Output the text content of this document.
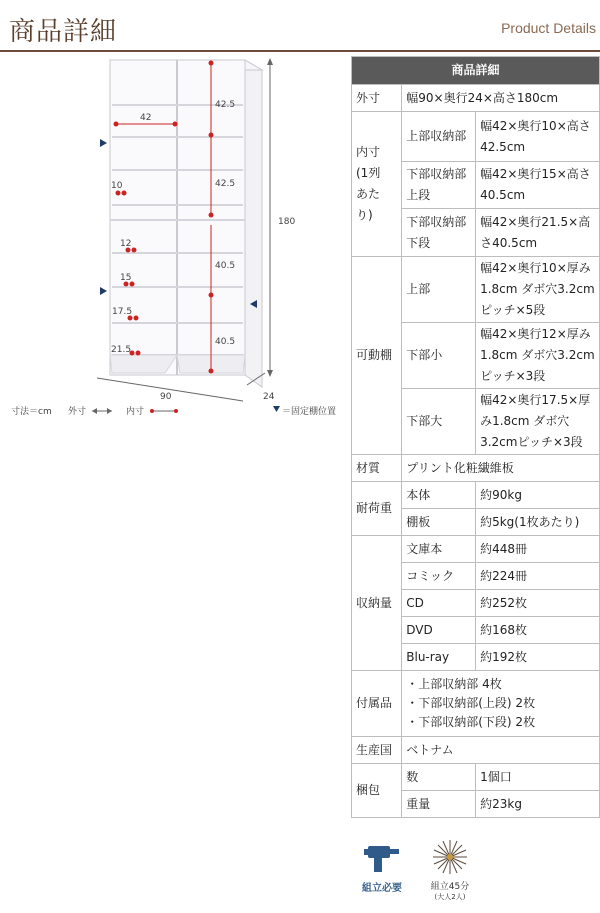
商品詳細	Product Details
42
42.5
42.5
40.5
40.5
10
12
15
17.5
21.5
180
90	24
寸法＝cm 外寸	内寸	＝固定棚位置
商品詳細		
外寸	幅90×奥行24×高さ180cm	
内寸
(1列
あた
り)	上部収納部	幅42×奥行10×高さ42.5cm
	下部収納部上段	幅42×奥行15×高さ40.5cm
	下部収納部下段	幅42×奥行21.5×高さ40.5cm
可動棚	上部	幅42×奥行10×厚み1.8cm ダボ穴3.2cmピッチ×5段
	下部小	幅42×奥行12×厚み1.8cm ダボ穴3.2cmピッチ×3段
	下部大	幅42×奥行17.5×厚み1.8cm ダボ穴3.2cmピッチ×3段
材質	プリント化粧繊維板	
耐荷重	本体	約90kg
	棚板	約5kg(1枚あたり)
収納量	文庫本	約448冊
	コミック	約224冊
	CD	約252枚
	DVD	約168枚
	Blu-ray	約192枚
付属品	・上部収納部 4枚
・下部収納部(上段) 2枚
・下部収納部(下段) 2枚	

生産国	ベトナム	
梱包	数	1個口
	重量	約23kg
組立必要	組立45分
(大人2人)
